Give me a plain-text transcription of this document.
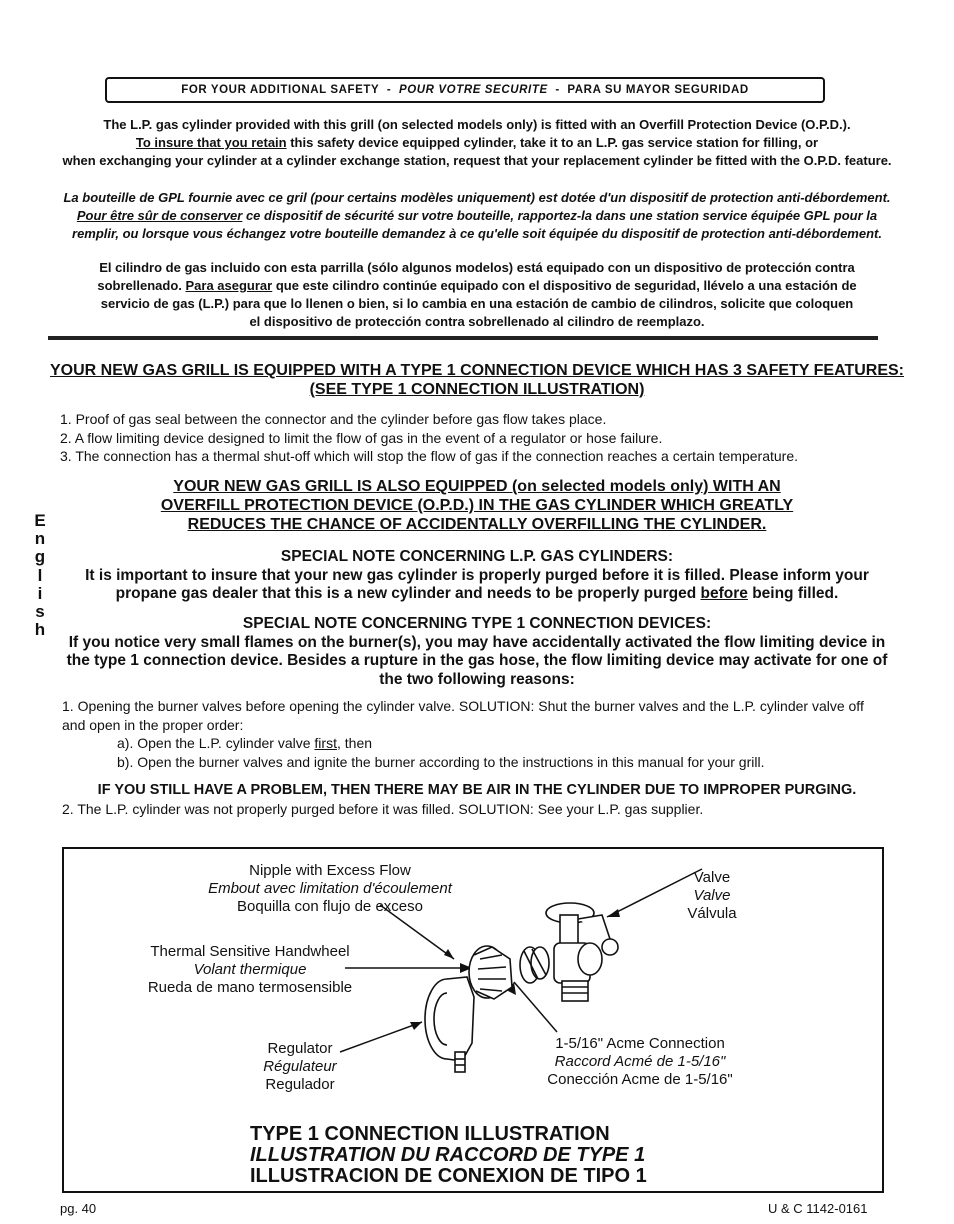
FOR YOUR ADDITIONAL SAFETY
-
POUR VOTRE SECURITE
-
PARA SU MAYOR SEGURIDAD
The L.P. gas cylinder provided with this grill (on selected models only) is fitted with an Overfill Protection Device (O.P.D.).
To insure that you retain this safety device equipped cylinder, take it to an L.P. gas service station for filling, or
when exchanging your cylinder at a cylinder exchange station, request that your replacement cylinder be fitted with the O.P.D. feature.
La bouteille de GPL fournie avec ce gril (pour certains modèles uniquement) est dotée d'un dispositif de protection anti-débordement.
Pour être sûr de conserver ce dispositif de sécurité sur votre bouteille, rapportez-la dans une station service équipée GPL pour la
remplir, ou lorsque vous échangez votre bouteille demandez à ce qu'elle soit équipée du dispositif de protection anti-débordement.
El cilindro de gas incluido con esta parrilla (sólo algunos modelos) está equipado con un dispositivo de protección contra
sobrellenado. Para asegurar que este cilindro continúe equipado con el dispositivo de seguridad, llévelo a una estación de
servicio de gas (L.P.) para que lo llenen o bien, si lo cambia en una estación de cambio de cilindros, solicite que coloquen
el dispositivo de protección contra sobrellenado al cilindro de reemplazo.
YOUR NEW GAS GRILL IS EQUIPPED WITH A TYPE 1 CONNECTION DEVICE WHICH HAS 3 SAFETY FEATURES:
(SEE TYPE 1 CONNECTION ILLUSTRATION)
1. Proof of gas seal between the connector and the cylinder before gas flow takes place.
2. A flow limiting device designed to limit the flow of gas in the event of a regulator or hose failure.
3. The connection has a thermal shut-off which will stop the flow of gas if the connection reaches a certain temperature.
YOUR NEW GAS GRILL IS ALSO EQUIPPED (on selected models only) WITH AN
OVERFILL PROTECTION DEVICE (O.P.D.) IN THE GAS CYLINDER WHICH GREATLY
REDUCES THE CHANCE OF ACCIDENTALLY OVERFILLING THE CYLINDER.
E
n
g
l
i
s
h
SPECIAL NOTE CONCERNING L.P. GAS CYLINDERS:
It is important to insure that your new gas cylinder is properly purged before it is filled. Please inform your
propane gas dealer that this is a new cylinder and needs to be properly purged before being filled.
SPECIAL NOTE CONCERNING TYPE 1 CONNECTION DEVICES:
If you notice very small flames on the burner(s), you may have accidentally activated the flow limiting device in
the type 1 connection device. Besides a rupture in the gas hose, the flow limiting device may activate for one of
the two following reasons:
1. Opening the burner valves before opening the cylinder valve. SOLUTION: Shut the burner valves and the L.P. cylinder valve off
and open in the proper order:
a). Open the L.P. cylinder valve first, then
b). Open the burner valves and ignite the burner according to the instructions in this manual for your grill.
IF YOU STILL HAVE A PROBLEM, THEN THERE MAY BE AIR IN THE CYLINDER DUE TO IMPROPER PURGING.
2. The L.P. cylinder was not properly purged before it was filled. SOLUTION: See your L.P. gas supplier.
Nipple with Excess Flow
Embout avec limitation d'écoulement
Boquilla con flujo de exceso
Valve
Valve
Válvula
Thermal Sensitive Handwheel
Volant thermique
Rueda de mano termosensible
Regulator
Régulateur
Regulador
1-5/16" Acme Connection
Raccord Acmé de 1-5/16"
Conección Acme de 1-5/16"
TYPE 1 CONNECTION ILLUSTRATION
ILLUSTRATION DU RACCORD DE TYPE 1
ILLUSTRACION DE CONEXION DE TIPO 1
pg. 40	U & C 1142-0161
